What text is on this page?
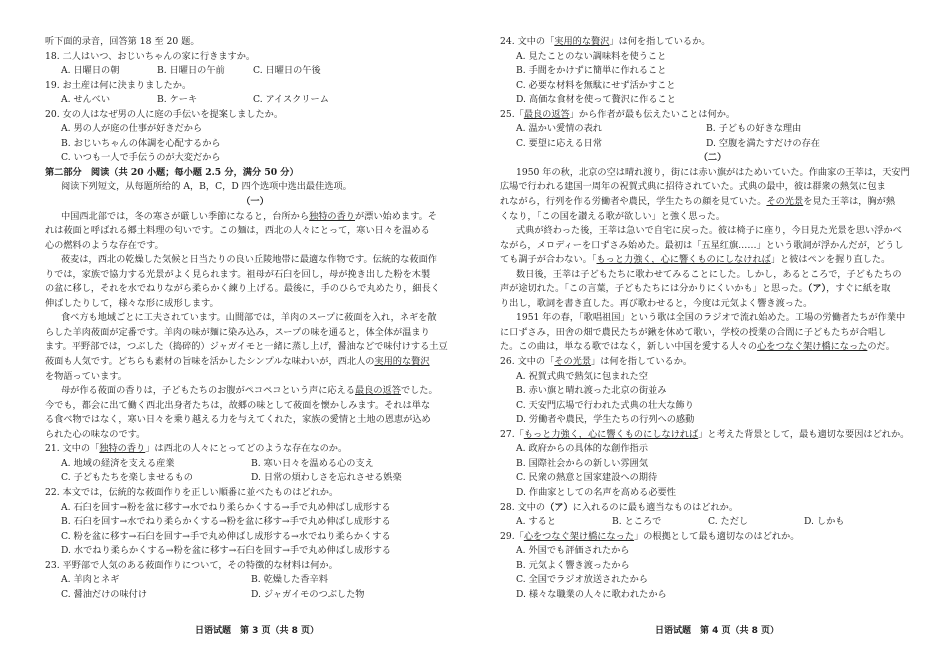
听下面的录音，回答第 18 至 20 题。
18. 二人はいつ、おじいちゃんの家に行きますか。
A. 日曜日の朝	B. 日曜日の午前	C. 日曜日の午後
19. お土産は何に決まりましたか。
A. せんべい	B. ケーキ	C. アイスクリーム
20. 女の人はなぜ男の人に庭の手伝いを提案しましたか。
A. 男の人が庭の仕事が好きだから
B. おじいちゃんの体調を心配するから
C. いつも一人で手伝うのが大変だから
第二部分　阅读（共 20 小题；每小题 2.5 分，满分 50 分）
阅读下列短文，从每题所给的 A，B，C，D 四个选项中选出最佳选项。
（一）
中国西北部では，冬の寒さが厳しい季節になると，台所から独特の香りが漂い始めます。そ
れは莜面と呼ばれる郷土料理の匂いです。この麺は，西北の人々にとって，寒い日々を温める
心の燃料のような存在です。
莜麦は，西北の乾燥した気候と日当たりの良い丘陵地帯に最適な作物です。伝統的な莜面作
りでは，家族で協力する光景がよく見られます。祖母が石臼を回し，母が挽き出した粉を木製
の盆に移し，それを水でねりながら柔らかく練り上げる。最後に，手のひらで丸めたり，細長く
伸ばしたりして，様々な形に成形します。
食べ方も地域ごとに工夫されています。山間部では，羊肉のスープに莜面を入れ，ネギを散
らした羊肉莜面が定番です。羊肉の味が麺に染み込み，スープの味を通ると，体全体が温まり
ます。平野部では，つぶした（捣碎的）ジャガイモと一緒に蒸し上げ，醤油などで味付けする土豆
莜面も人気です。どちらも素材の旨味を活かしたシンプルな味わいが，西北人の実用的な贅沢
を物語っています。
母が作る莜面の香りは，子どもたちのお腹がペコペコという声に応える最良の返答でした。
今でも，都会に出て働く西北出身者たちは，故郷の味として莜面を懐かしみます。それは単な
る食べ物ではなく，寒い日々を乗り越える力を与えてくれた，家族の愛情と土地の恩恵が込め
られた心の味なのです。
21. 文中の「独特の香り」は西北の人々にとってどのような存在なのか。
A. 地域の経済を支える産業	B. 寒い日々を温める心の支え
C. 子どもたちを楽しませるもの	D. 日常の煩わしさを忘れさせる娯楽
22. 本文では，伝統的な莜面作りを正しい順番に並べたものはどれか。
A. 石臼を回す→粉を盆に移す→水でねり柔らかくする→手で丸め伸ばし成形する
B. 石臼を回す→水でねり柔らかくする→粉を盆に移す→手で丸め伸ばし成形する
C. 粉を盆に移す→石臼を回す→手で丸め伸ばし成形する→水でねり柔らかくする
D. 水でねり柔らかくする→粉を盆に移す→石臼を回す→手で丸め伸ばし成形する
23. 平野部で人気のある莜面作りについて，その特徴的な材料は何か。
A. 羊肉とネギ	B. 乾燥した香辛料
C. 醤油だけの味付け	D. ジャガイモのつぶした物
日语试题　第 3 页（共 8 页）
24. 文中の「実用的な贅沢」は何を指しているか。
A. 見たことのない調味料を使うこと
B. 手間をかけずに簡単に作れること
C. 必要な材料を無駄にせず活かすこと
D. 高価な食材を使って贅沢に作ること
25.「最良の返答」から作者が最も伝えたいことは何か。
A. 温かい愛情の表れ	B. 子どもの好きな理由
C. 要望に応える日常	D. 空腹を満たすだけの存在
（二）
1950 年の秋，北京の空は晴れ渡り，街には赤い旗がはためいていた。作曲家の王莘は，天安門
広場で行われる建国一周年の祝賀式典に招待されていた。式典の最中，彼は群衆の熱気に包ま
れながら，行列を作る労働者や農民，学生たちの顔を見ていた。その光景を見た王莘は，胸が熱
くなり，「この国を讃える歌が欲しい」と強く思った。
式典が終わった後，王莘は急いで自宅に戻った。彼は椅子に座り，今日見た光景を思い浮かべ
ながら，メロディーを口ずさみ始めた。最初は「五星红旗……」という歌詞が浮かんだが，どうし
ても調子が合わない。「もっと力強く，心に響くものにしなければ」と彼はペンを握り直した。
数日後，王莘は子どもたちに歌わせてみることにした。しかし，あるところで，子どもたちの
声が途切れた。「この言葉，子どもたちには分かりにくいかも」と思った。（ア），すぐに紙を取
り出し，歌詞を書き直した。再び歌わせると，今度は元気よく響き渡った。
1951 年の春，「歌唱祖国」という歌は全国のラジオで流れ始めた。工場の労働者たちが作業中
に口ずさみ，田舎の畑で農民たちが鍬を休めて歌い，学校の授業の合間に子どもたちが合唱し
た。この曲は，単なる歌ではなく，新しい中国を愛する人々の心をつなぐ架け橋になったのだ。
26. 文中の「その光景」は何を指しているか。
A. 祝賀式典で熱気に包まれた空
B. 赤い旗と晴れ渡った北京の街並み
C. 天安門広場で行われた式典の壮大な飾り
D. 労働者や農民，学生たちの行列への感動
27.「もっと力強く，心に響くものにしなければ」と考えた背景として，最も適切な要因はどれか。
A. 政府からの具体的な創作指示
B. 国際社会からの新しい雰囲気
C. 民衆の熱意と国家建設への期待
D. 作曲家としての名声を高める必要性
28. 文中の（ア）に入れるのに最も適当なものはどれか。
A. すると	B. ところで	C. ただし	D. しかも
29.「心をつなぐ架け橋になった」の根拠として最も適切なのはどれか。
A. 外国でも評価されたから
B. 元気よく響き渡ったから
C. 全国でラジオ放送されたから
D. 様々な職業の人々に歌われたから
日语试题　第 4 页（共 8 页）
